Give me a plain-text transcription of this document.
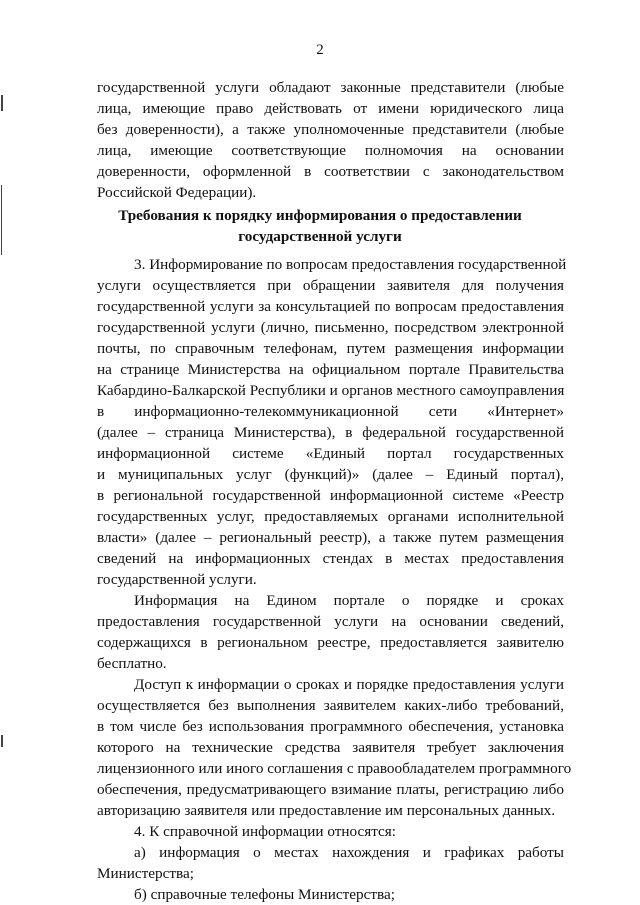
2
государственной услуги обладают законные представители (любые
лица, имеющие право действовать от имени юридического лица
без доверенности), а также уполномоченные представители (любые
лица, имеющие соответствующие полномочия на основании
доверенности, оформленной в соответствии с законодательством
Российской Федерации).
Требования к порядку информирования о предоставлении
государственной услуги
3. Информирование по вопросам предоставления государственной
услуги осуществляется при обращении заявителя для получения
государственной услуги за консультацией по вопросам предоставления
государственной услуги (лично, письменно, посредством электронной
почты, по справочным телефонам, путем размещения информации
на странице Министерства на официальном портале Правительства
Кабардино-Балкарской Республики и органов местного самоуправления
в информационно-телекоммуникационной сети «Интернет»
(далее – страница Министерства), в федеральной государственной
информационной системе «Единый портал государственных
и муниципальных услуг (функций)» (далее – Единый портал),
в региональной государственной информационной системе «Реестр
государственных услуг, предоставляемых органами исполнительной
власти» (далее – региональный реестр), а также путем размещения
сведений на информационных стендах в местах предоставления
государственной услуги.
Информация на Едином портале о порядке и сроках
предоставления государственной услуги на основании сведений,
содержащихся в региональном реестре, предоставляется заявителю
бесплатно.
Доступ к информации о сроках и порядке предоставления услуги
осуществляется без выполнения заявителем каких-либо требований,
в том числе без использования программного обеспечения, установка
которого на технические средства заявителя требует заключения
лицензионного или иного соглашения с правообладателем программного
обеспечения, предусматривающего взимание платы, регистрацию либо
авторизацию заявителя или предоставление им персональных данных.
4. К справочной информации относятся:
а) информация о местах нахождения и графиках работы
Министерства;
б) справочные телефоны Министерства;
